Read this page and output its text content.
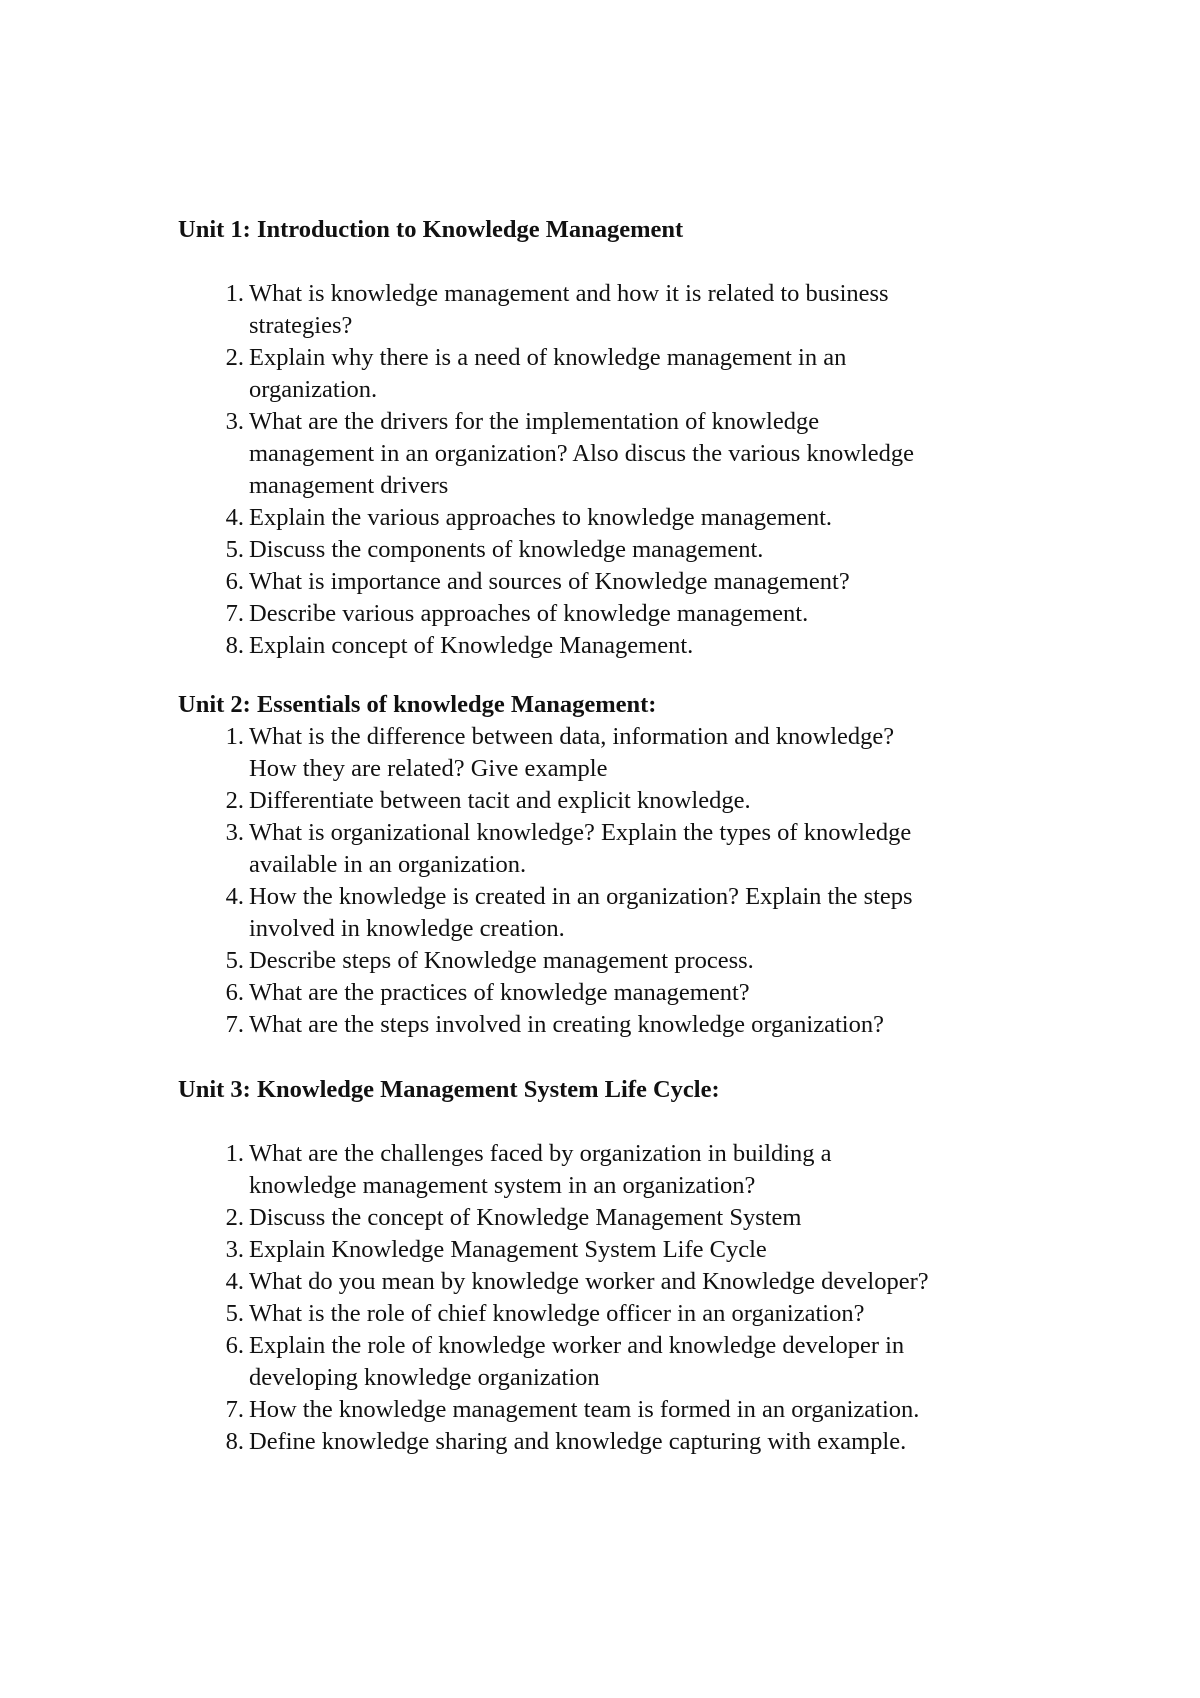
Unit 1: Introduction to Knowledge Management
1. What is knowledge management and how it is related to business
strategies?
2. Explain why there is a need of knowledge management in an
organization.
3. What are the drivers for the implementation of knowledge
management in an organization? Also discus the various knowledge
management drivers
4. Explain the various approaches to knowledge management.
5. Discuss the components of knowledge management.
6. What is importance and sources of Knowledge management?
7. Describe various approaches of knowledge management.
8. Explain concept of Knowledge Management.
Unit 2: Essentials of knowledge Management:
1. What is the difference between data, information and knowledge?
How they are related? Give example
2. Differentiate between tacit and explicit knowledge.
3. What is organizational knowledge? Explain the types of knowledge
available in an organization.
4. How the knowledge is created in an organization? Explain the steps
involved in knowledge creation.
5. Describe steps of Knowledge management process.
6. What are the practices of knowledge management?
7. What are the steps involved in creating knowledge organization?
Unit 3: Knowledge Management System Life Cycle:
1. What are the challenges faced by organization in building a
knowledge management system in an organization?
2. Discuss the concept of Knowledge Management System
3. Explain Knowledge Management System Life Cycle
4. What do you mean by knowledge worker and Knowledge developer?
5. What is the role of chief knowledge officer in an organization?
6. Explain the role of knowledge worker and knowledge developer in
developing knowledge organization
7. How the knowledge management team is formed in an organization.
8. Define knowledge sharing and knowledge capturing with example.
